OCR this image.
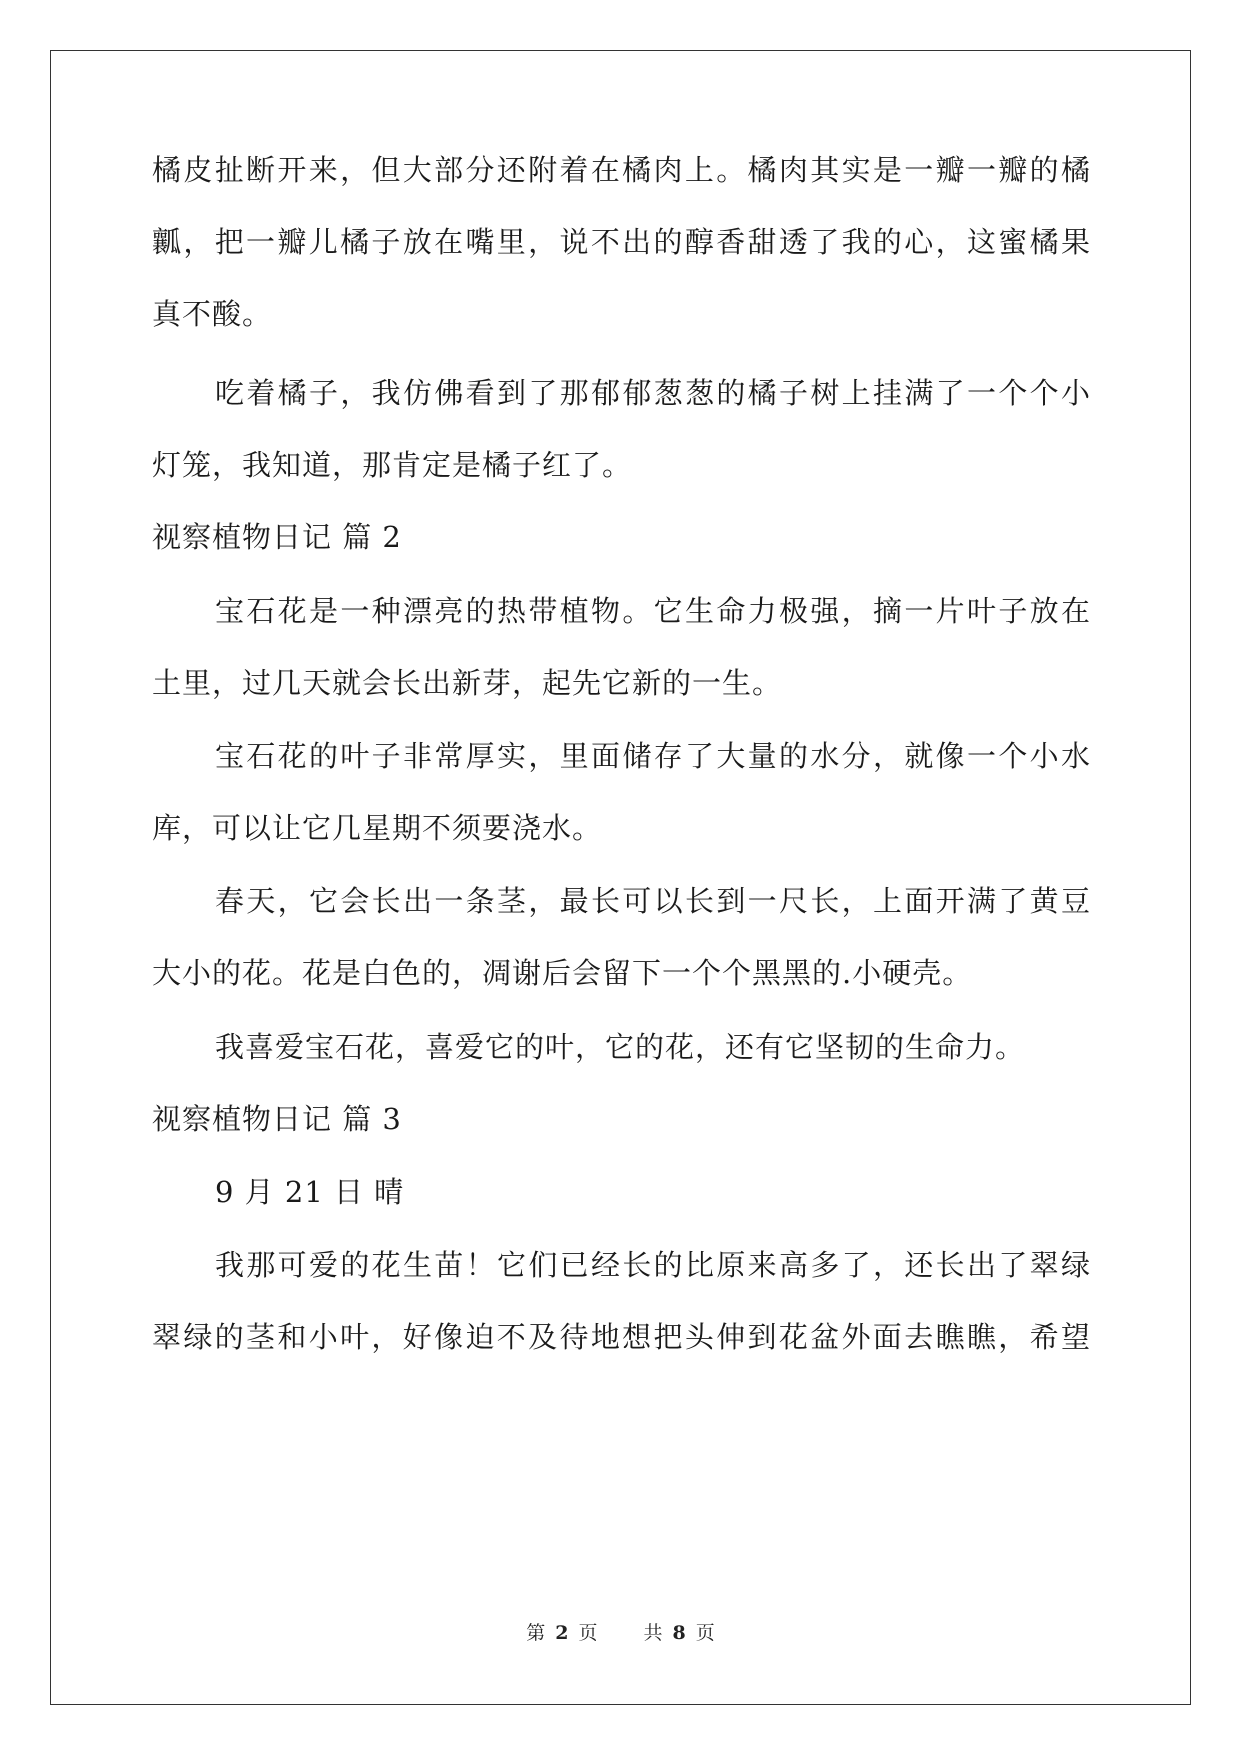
橘皮扯断开来，但大部分还附着在橘肉上。橘肉其实是一瓣一瓣的橘
瓤，把一瓣儿橘子放在嘴里，说不出的醇香甜透了我的心，这蜜橘果
真不酸。
吃着橘子，我仿佛看到了那郁郁葱葱的橘子树上挂满了一个个小
灯笼，我知道，那肯定是橘子红了。
视察植物日记 篇 2
宝石花是一种漂亮的热带植物。它生命力极强，摘一片叶子放在
土里，过几天就会长出新芽，起先它新的一生。
宝石花的叶子非常厚实，里面储存了大量的水分，就像一个小水
库，可以让它几星期不须要浇水。
春天，它会长出一条茎，最长可以长到一尺长，上面开满了黄豆
大小的花。花是白色的，凋谢后会留下一个个黑黑的.小硬壳。
我喜爱宝石花，喜爱它的叶，它的花，还有它坚韧的生命力。
视察植物日记 篇 3
9 月 21 日 晴
我那可爱的花生苗！它们已经长的比原来高多了，还长出了翠绿
翠绿的茎和小叶，好像迫不及待地想把头伸到花盆外面去瞧瞧，希望
第 2 页 共 8 页
